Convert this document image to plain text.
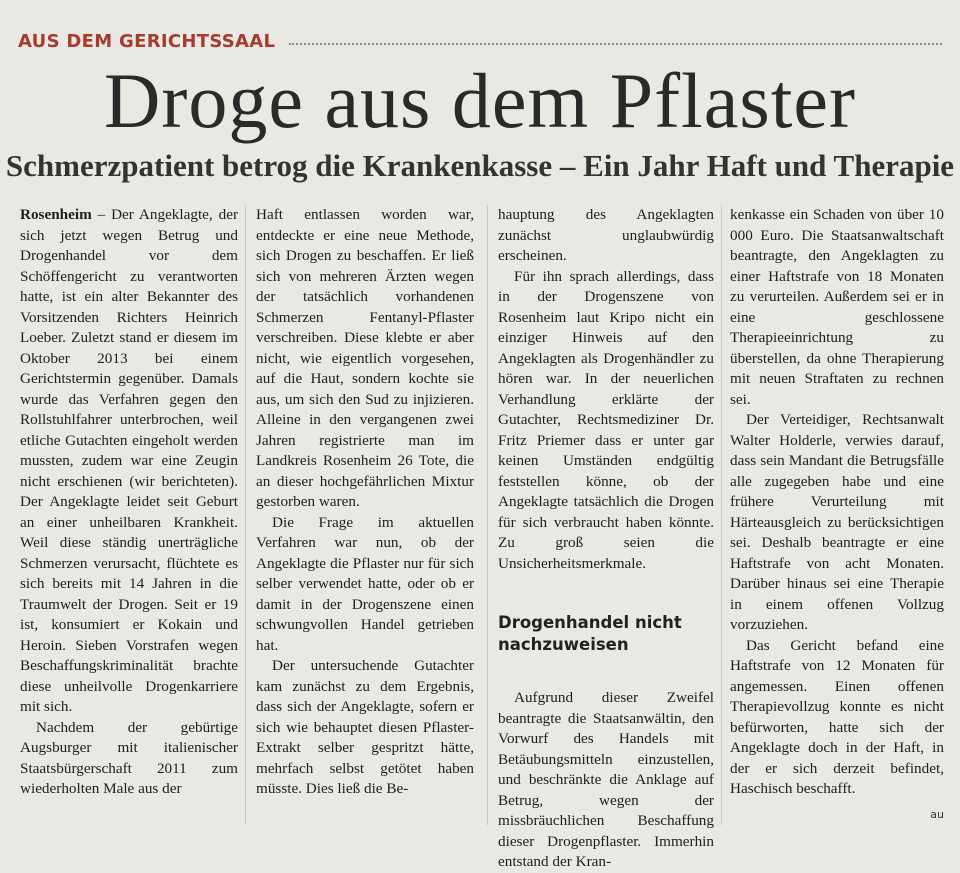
AUS DEM GERICHTSSAAL
Droge aus dem Pflaster
Schmerzpatient betrog die Krankenkasse – Ein Jahr Haft und Therapie

Rosenheim – Der Angeklagte, der sich jetzt wegen Betrug und Drogenhandel vor dem Schöffengericht zu verantworten hatte, ist ein alter Bekannter des Vorsitzenden Richters Heinrich Loeber. Zuletzt stand er diesem im Oktober 2013 bei einem Gerichtstermin gegenüber. Damals wurde das Verfahren gegen den Rollstuhlfahrer unterbrochen, weil etliche Gutachten eingeholt werden mussten, zudem war eine Zeugin nicht erschienen (wir berichteten). Der Angeklagte leidet seit Geburt an einer unheilbaren Krankheit. Weil diese ständig unerträgliche Schmerzen verursacht, flüchtete es sich bereits mit 14 Jahren in die Traumwelt der Drogen. Seit er 19 ist, konsumiert er Kokain und Heroin. Sieben Vorstrafen wegen Beschaffungskriminalität brachte diese unheilvolle Drogenkarriere mit sich.

Nachdem der gebürtige Augsburger mit italienischer Staatsbürgerschaft 2011 zum wiederholten Male aus der

Haft entlassen worden war, entdeckte er eine neue Methode, sich Drogen zu beschaffen. Er ließ sich von mehreren Ärzten wegen der tatsächlich vorhandenen Schmerzen Fentanyl-Pflaster verschreiben. Diese klebte er aber nicht, wie eigentlich vorgesehen, auf die Haut, sondern kochte sie aus, um sich den Sud zu injizieren. Alleine in den vergangenen zwei Jahren registrierte man im Landkreis Rosenheim 26 Tote, die an dieser hochgefährlichen Mixtur gestorben waren.

Die Frage im aktuellen Verfahren war nun, ob der Angeklagte die Pflaster nur für sich selber verwendet hatte, oder ob er damit in der Drogenszene einen schwungvollen Handel getrieben hat.

Der untersuchende Gutachter kam zunächst zu dem Ergebnis, dass sich der Angeklagte, sofern er sich wie behauptet diesen Pflaster-Extrakt selber gespritzt hätte, mehrfach selbst getötet haben müsste. Dies ließ die Be-

hauptung des Angeklagten zunächst unglaubwürdig erscheinen.

Für ihn sprach allerdings, dass in der Drogenszene von Rosenheim laut Kripo nicht ein einziger Hinweis auf den Angeklagten als Drogenhändler zu hören war. In der neuerlichen Verhandlung erklärte der Gutachter, Rechtsmediziner Dr. Fritz Priemer dass er unter gar keinen Umständen endgültig feststellen könne, ob der Angeklagte tatsächlich die Drogen für sich verbraucht haben könnte. Zu groß seien die Unsicherheitsmerkmale.

Drogenhandel nicht nachzuweisen

Aufgrund dieser Zweifel beantragte die Staatsanwältin, den Vorwurf des Handels mit Betäubungsmitteln einzustellen, und beschränkte die Anklage auf Betrug, wegen der missbräuchlichen Beschaffung dieser Drogenpflaster. Immerhin entstand der Kran-

kenkasse ein Schaden von über 10 000 Euro. Die Staatsanwaltschaft beantragte, den Angeklagten zu einer Haftstrafe von 18 Monaten zu verurteilen. Außerdem sei er in eine geschlossene Therapieeinrichtung zu überstellen, da ohne Therapierung mit neuen Straftaten zu rechnen sei.

Der Verteidiger, Rechtsanwalt Walter Holderle, verwies darauf, dass sein Mandant die Betrugsfälle alle zugegeben habe und eine frühere Verurteilung mit Härteausgleich zu berücksichtigen sei. Deshalb beantragte er eine Haftstrafe von acht Monaten. Darüber hinaus sei eine Therapie in einem offenen Vollzug vorzuziehen.

Das Gericht befand eine Haftstrafe von 12 Monaten für angemessen. Einen offenen Therapievollzug konnte es nicht befürworten, hatte sich der Angeklagte doch in der Haft, in der er sich derzeit befindet, Haschisch beschafft.

au
